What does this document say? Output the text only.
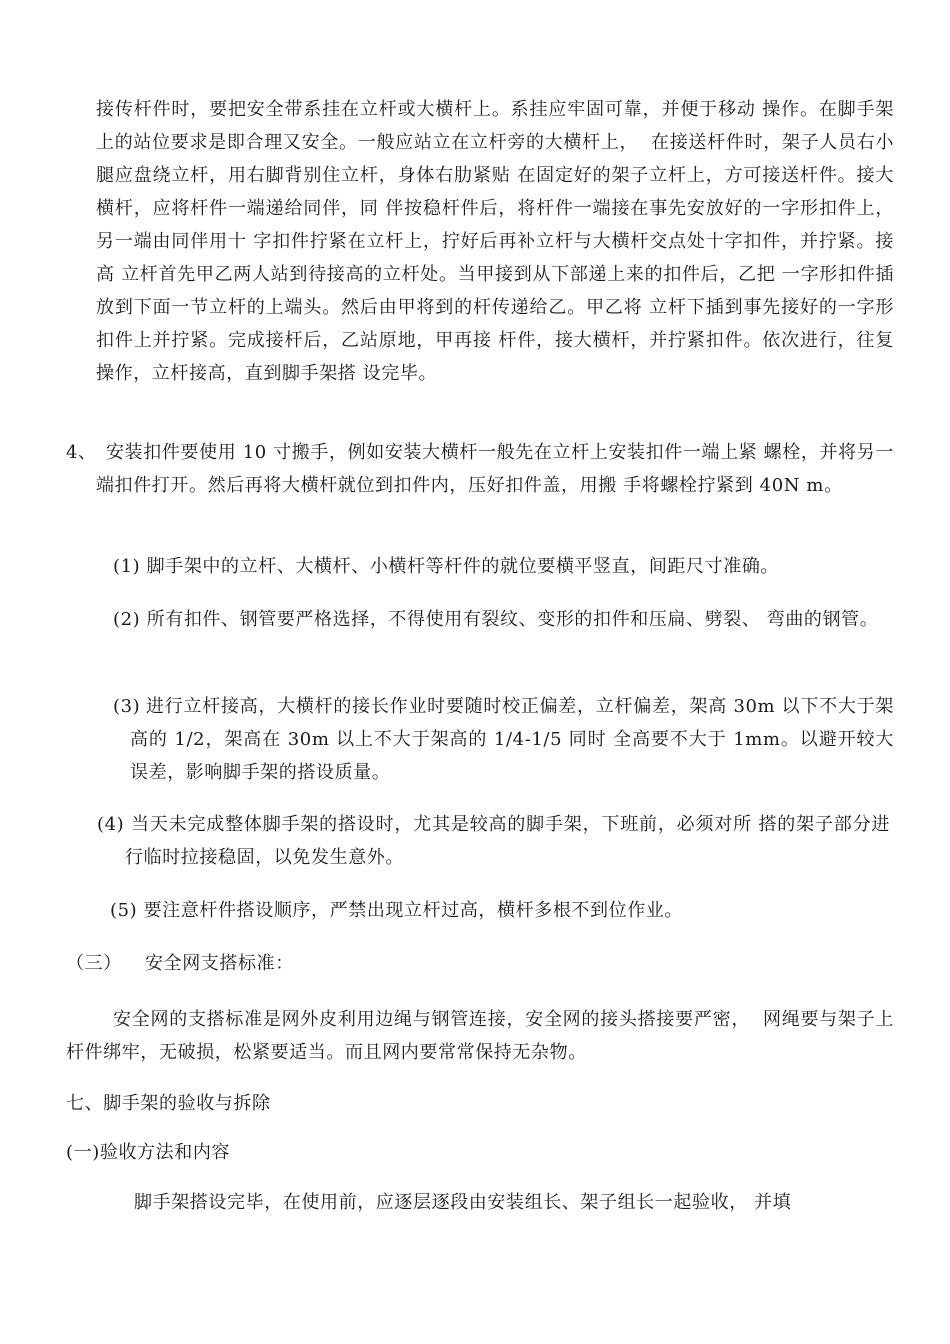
接传杆件时，要把安全带系挂在立杆或大横杆上。系挂应牢固可靠，并便于移动 操作。在脚手架上的站位要求是即合理又安全。一般应站立在立杆旁的大横杆上，  在接送杆件时，架子人员右小腿应盘绕立杆，用右脚背别住立杆，身体右肋紧贴 在固定好的架子立杆上，方可接送杆件。接大横杆，应将杆件一端递给同伴，同 伴按稳杆件后，将杆件一端接在事先安放好的一字形扣件上，另一端由同伴用十 字扣件拧紧在立杆上，拧好后再补立杆与大横杆交点处十字扣件，并拧紧。接高 立杆首先甲乙两人站到待接高的立杆处。当甲接到从下部递上来的扣件后，乙把 一字形扣件插放到下面一节立杆的上端头。然后由甲将到的杆传递给乙。甲乙将 立杆下插到事先接好的一字形扣件上并拧紧。完成接杆后，乙站原地，甲再接 杆件，接大横杆，并拧紧扣件。依次进行，往复操作，立杆接高，直到脚手架搭 设完毕。

4、 安装扣件要使用 10 寸搬手，例如安装大横杆一般先在立杆上安装扣件一端上紧 螺栓，并将另一端扣件打开。然后再将大横杆就位到扣件内，压好扣件盖，用搬 手将螺栓拧紧到 40N m。

(1) 脚手架中的立杆、大横杆、小横杆等杆件的就位要横平竖直，间距尺寸准确。

(2) 所有扣件、钢管要严格选择，不得使用有裂纹、变形的扣件和压扁、劈裂、 弯曲的钢管。

(3) 进行立杆接高，大横杆的接长作业时要随时校正偏差，立杆偏差，架高 30m 以下不大于架高的 1/2，架高在 30m 以上不大于架高的 1/4-1/5 同时 全高要不大于 1mm。以避开较大误差，影响脚手架的搭设质量。

(4) 当天未完成整体脚手架的搭设时，尤其是较高的脚手架，下班前，必须对所 搭的架子部分进行临时拉接稳固，以免发生意外。

(5) 要注意杆件搭设顺序，严禁出现立杆过高，横杆多根不到位作业。

（三）	安全网支搭标准：

安全网的支搭标准是网外皮利用边绳与钢管连接，安全网的接头搭接要严密，  网绳要与架子上杆件绑牢，无破损，松紧要适当。而且网内要常常保持无杂物。

七、脚手架的验收与拆除

(一)验收方法和内容

脚手架搭设完毕，在使用前，应逐层逐段由安装组长、架子组长一起验收， 并填
